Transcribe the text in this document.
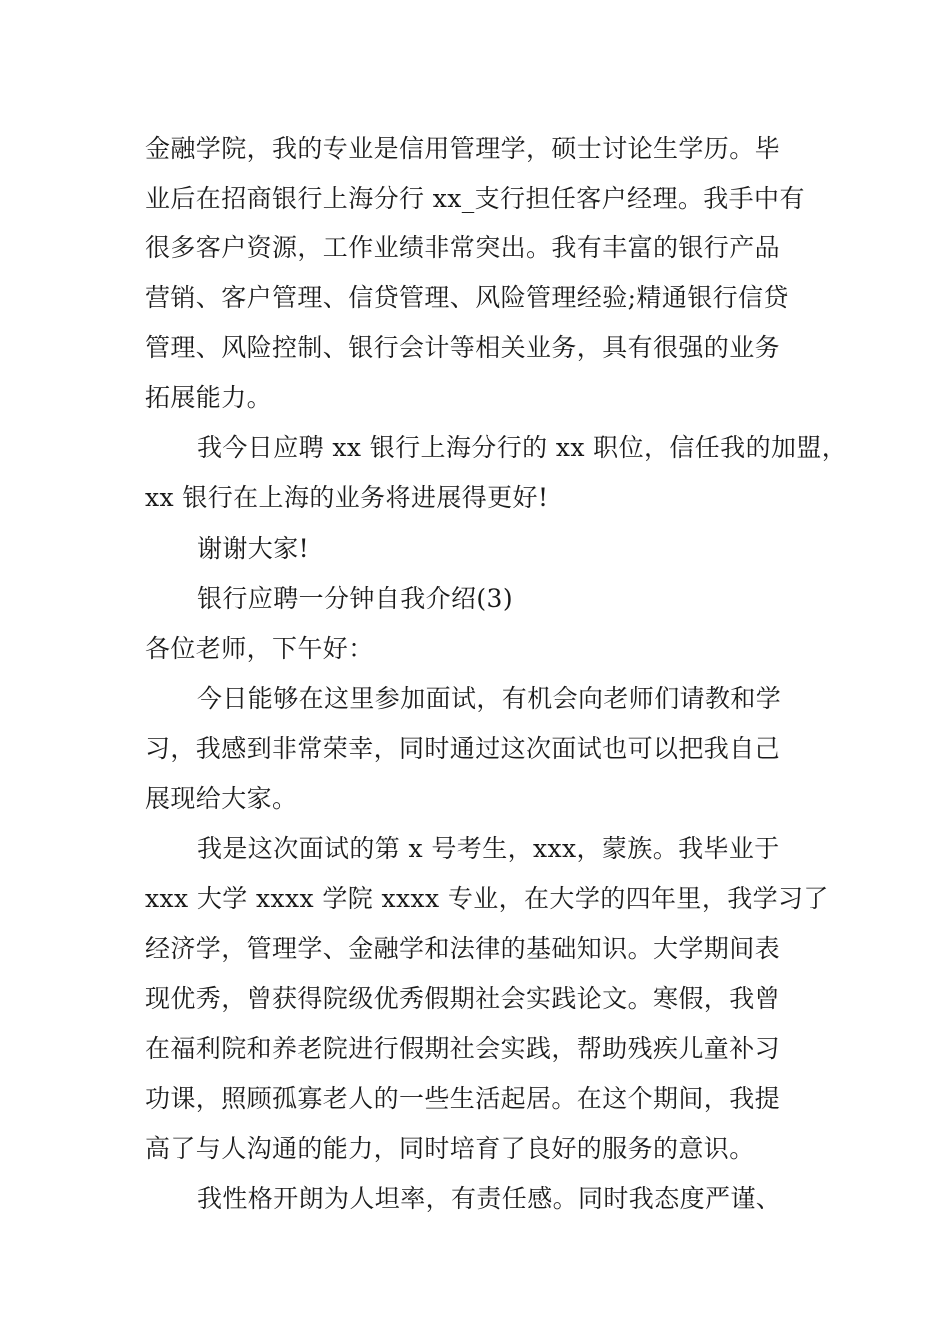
金融学院，我的专业是信用管理学，硕士讨论生学历。毕
业后在招商银行上海分行 xx_支行担任客户经理。我手中有
很多客户资源，工作业绩非常突出。我有丰富的银行产品
营销、客户管理、信贷管理、风险管理经验;精通银行信贷
管理、风险控制、银行会计等相关业务，具有很强的业务
拓展能力。
我今日应聘 xx 银行上海分行的 xx 职位，信任我的加盟，
xx 银行在上海的业务将进展得更好!
谢谢大家!
银行应聘一分钟自我介绍(3)
各位老师，下午好：
今日能够在这里参加面试，有机会向老师们请教和学
习，我感到非常荣幸，同时通过这次面试也可以把我自己
展现给大家。
我是这次面试的第 x 号考生，xxx，蒙族。我毕业于
xxx 大学 xxxx 学院 xxxx 专业，在大学的四年里，我学习了
经济学，管理学、金融学和法律的基础知识。大学期间表
现优秀，曾获得院级优秀假期社会实践论文。寒假，我曾
在福利院和养老院进行假期社会实践，帮助残疾儿童补习
功课，照顾孤寡老人的一些生活起居。在这个期间，我提
高了与人沟通的能力，同时培育了良好的服务的意识。
我性格开朗为人坦率，有责任感。同时我态度严谨、
